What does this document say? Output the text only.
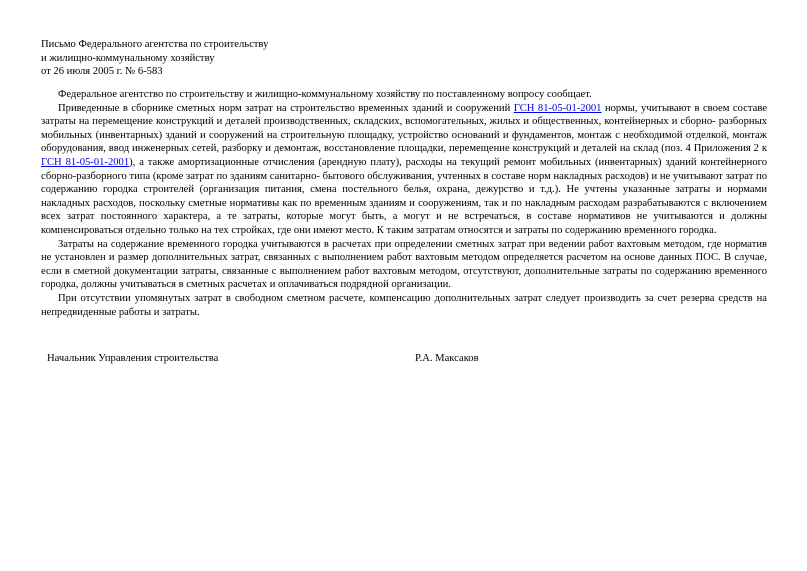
Письмо Федерального агентства по строительству
и жилищно-коммунальному хозяйству
от 26 июля 2005 г. № 6-583

Федеральное агентство по строительству и жилищно-коммунальному хозяйству по поставленному вопросу сообщает.

Приведенные в сборнике сметных норм затрат на строительство временных зданий и сооружений ГСН 81-05-01-2001 нормы, учитывают в своем составе затраты на перемещение конструкций и деталей производственных, складских, вспомогательных, жилых и общественных, контейнерных и сборно- разборных мобильных (инвентарных) зданий и сооружений на строительную площадку, устройство оснований и фундаментов, монтаж с необходимой отделкой, монтаж оборудования, ввод инженерных сетей, разборку и демонтаж, восстановление площадки, перемещение конструкций и деталей на склад (поз. 4 Приложения 2 к ГСН 81-05-01-2001), а также амортизационные отчисления (арендную плату), расходы на текущий ремонт мобильных (инвентарных) зданий контейнерного сборно-разборного типа (кроме затрат по зданиям санитарно- бытового обслуживания, учтенных в составе норм накладных расходов) и не учитывают затрат по содержанию городка строителей (организация питания, смена постельного белья, охрана, дежурство и т.д.). Не учтены указанные затраты и нормами накладных расходов, поскольку сметные нормативы как по временным зданиям и сооружениям, так и по накладным расходам разрабатываются с включением всех затрат постоянного характера, а те затраты, которые могут быть, а могут и не встречаться, в составе нормативов не учитываются и должны компенсироваться отдельно только на тех стройках, где они имеют место. К таким затратам относятся и затраты по содержанию временного городка.

Затраты на содержание временного городка учитываются в расчетах при определении сметных затрат при ведении работ вахтовым методом, где норматив не установлен и размер дополнительных затрат, связанных с выполнением работ вахтовым методом определяется расчетом на основе данных ПОС. В случае, если в сметной документации затраты, связанные с выполнением работ вахтовым методом, отсутствуют, дополнительные затраты по содержанию временного городка, должны учитываться в сметных расчетах и оплачиваться подрядной организации.

При отсутствии упомянутых затрат в свободном сметном расчете, компенсацию дополнительных затрат следует производить за счет резерва средств на непредвиденные работы и затраты.

Начальник Управления строительства	Р.А. Максаков
